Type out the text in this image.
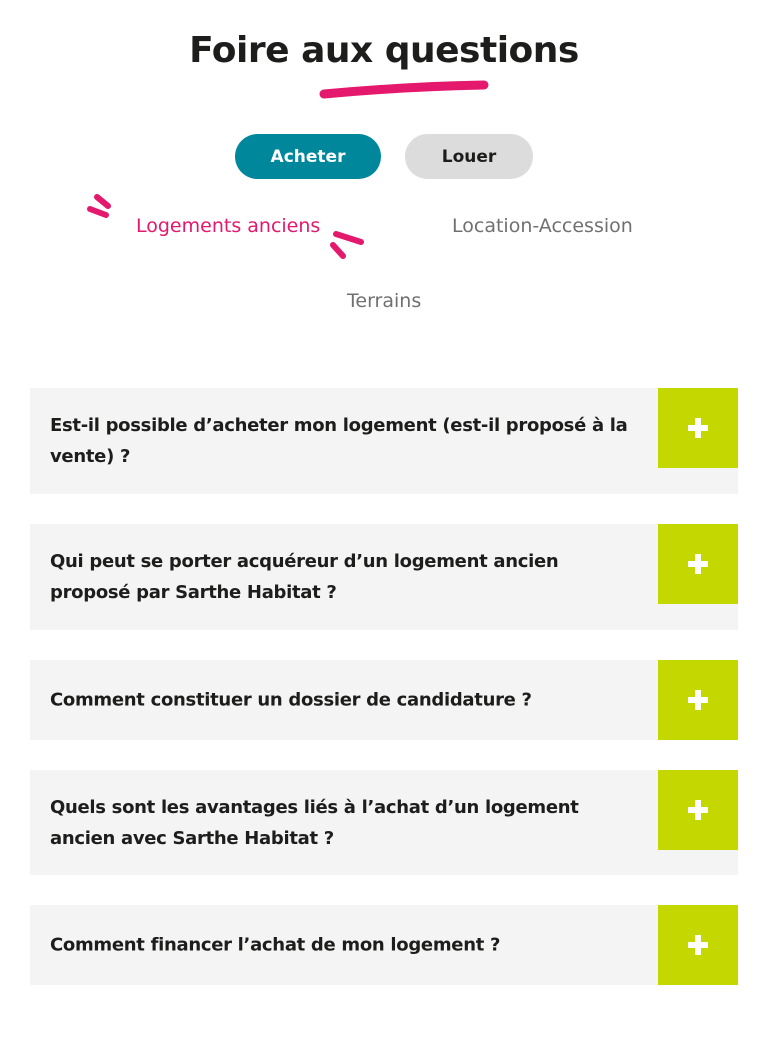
Foire aux questions
Acheter	Louer
Logements anciens	Location-Accession
Terrains

Est-il possible d’acheter mon logement (est-il proposé à la vente) ?

Qui peut se porter acquéreur d’un logement ancien proposé par Sarthe Habitat ?

Comment constituer un dossier de candidature ?

Quels sont les avantages liés à l’achat d’un logement ancien avec Sarthe Habitat ?

Comment financer l’achat de mon logement ?
